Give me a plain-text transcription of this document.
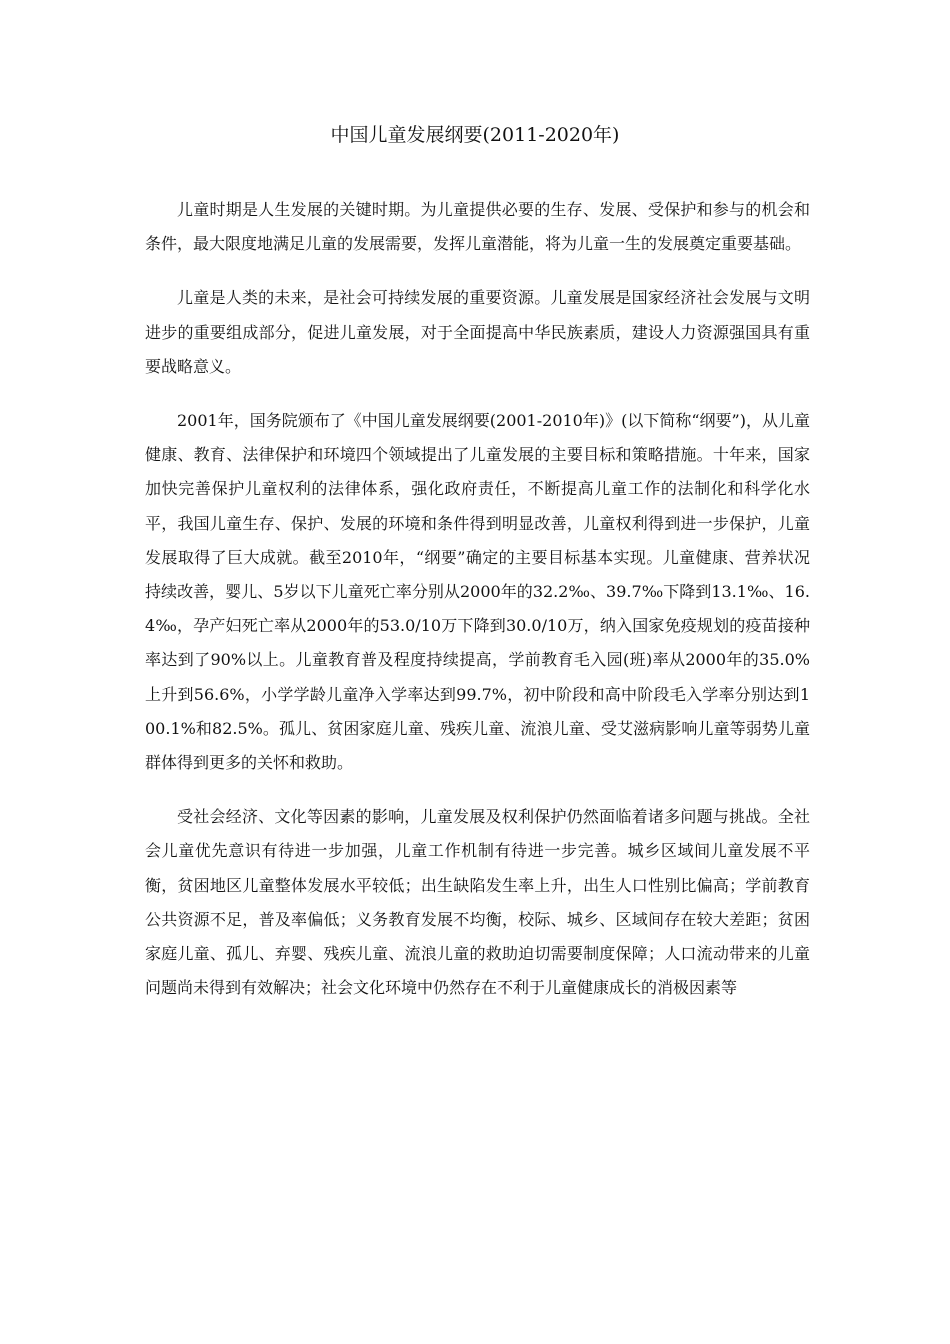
中国儿童发展纲要(2011-2020年)

儿童时期是人生发展的关键时期。为儿童提供必要的生存、发展、受保护和参与的机会和条件，最大限度地满足儿童的发展需要，发挥儿童潜能，将为儿童一生的发展奠定重要基础。

儿童是人类的未来，是社会可持续发展的重要资源。儿童发展是国家经济社会发展与文明进步的重要组成部分，促进儿童发展，对于全面提高中华民族素质，建设人力资源强国具有重要战略意义。

2001年，国务院颁布了《中国儿童发展纲要(2001-2010年)》(以下简称“纲要”)，从儿童健康、教育、法律保护和环境四个领域提出了儿童发展的主要目标和策略措施。十年来，国家加快完善保护儿童权利的法律体系，强化政府责任，不断提高儿童工作的法制化和科学化水平，我国儿童生存、保护、发展的环境和条件得到明显改善，儿童权利得到进一步保护，儿童发展取得了巨大成就。截至2010年，“纲要”确定的主要目标基本实现。儿童健康、营养状况持续改善，婴儿、5岁以下儿童死亡率分别从2000年的32.2‰、39.7‰下降到13.1‰、16.4‰，孕产妇死亡率从2000年的53.0/10万下降到30.0/10万，纳入国家免疫规划的疫苗接种率达到了90%以上。儿童教育普及程度持续提高，学前教育毛入园(班)率从2000年的35.0%上升到56.6%，小学学龄儿童净入学率达到99.7%，初中阶段和高中阶段毛入学率分别达到100.1%和82.5%。孤儿、贫困家庭儿童、残疾儿童、流浪儿童、受艾滋病影响儿童等弱势儿童群体得到更多的关怀和救助。

受社会经济、文化等因素的影响，儿童发展及权利保护仍然面临着诸多问题与挑战。全社会儿童优先意识有待进一步加强，儿童工作机制有待进一步完善。城乡区域间儿童发展不平衡，贫困地区儿童整体发展水平较低；出生缺陷发生率上升，出生人口性别比偏高；学前教育公共资源不足，普及率偏低；义务教育发展不均衡，校际、城乡、区域间存在较大差距；贫困家庭儿童、孤儿、弃婴、残疾儿童、流浪儿童的救助迫切需要制度保障；人口流动带来的儿童问题尚未得到有效解决；社会文化环境中仍然存在不利于儿童健康成长的消极因素等
